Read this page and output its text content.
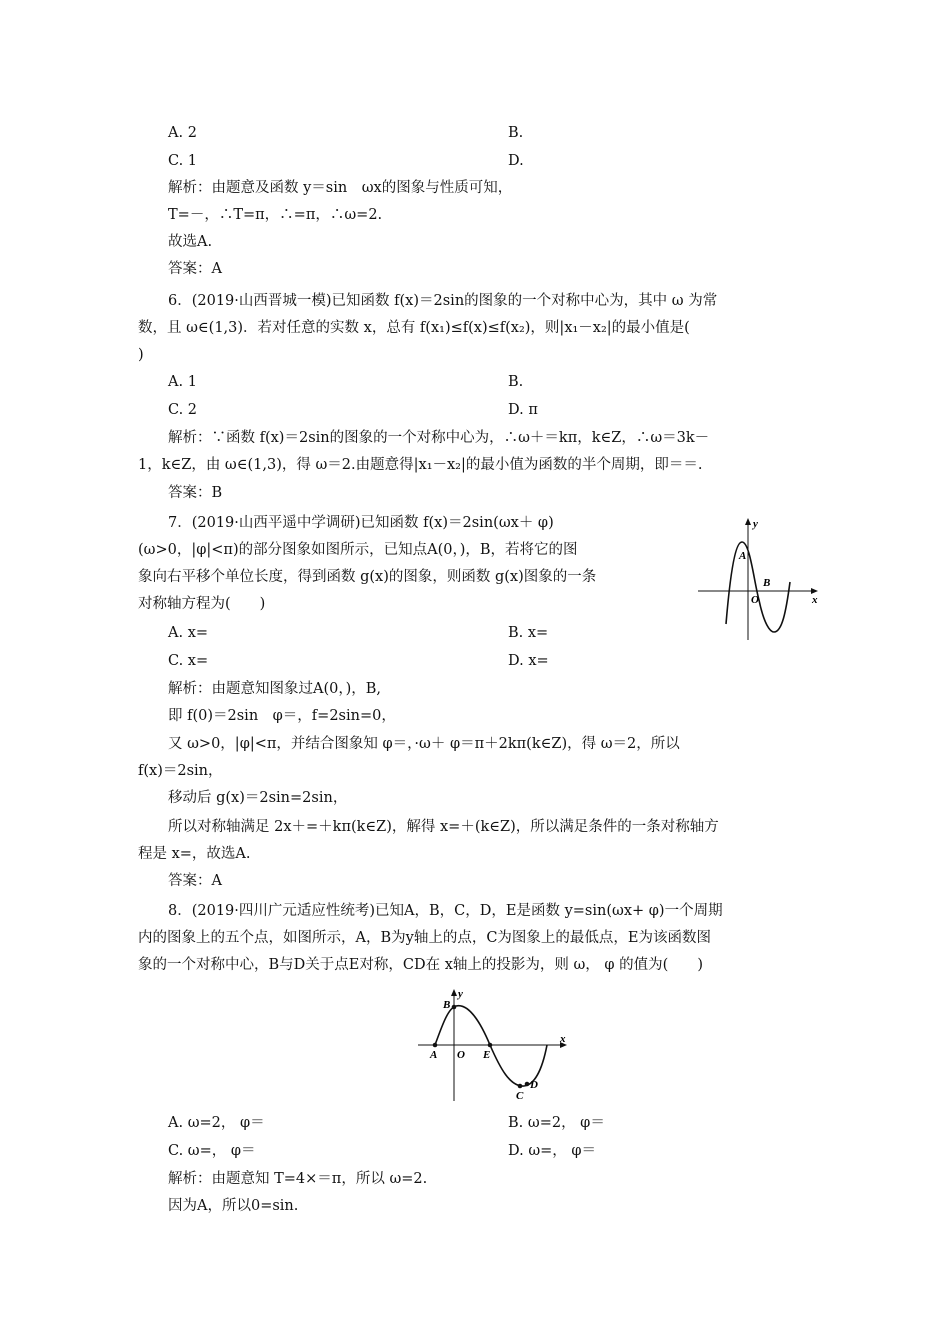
A. 2	B.
C. 1	D.
解析：由题意及函数 y＝sin　ωx的图象与性质可知，
T=－，∴T=π，∴=π，∴ω=2.
故选A.
答案：A
6．(2019·山西晋城一模)已知函数 f(x)＝2sin的图象的一个对称中心为，其中 ω 为常
数，且 ω∈(1,3)．若对任意的实数 x，总有 f(x₁)≤f(x)≤f(x₂)，则|x₁－x₂|的最小值是(
)
A. 1	B.
C. 2	D. π
解析：∵函数 f(x)＝2sin的图象的一个对称中心为，∴ω＋＝kπ，k∈Z，∴ω＝3k－
1，k∈Z，由 ω∈(1,3)，得 ω＝2.由题意得|x₁－x₂|的最小值为函数的半个周期，即＝＝.
答案：B
7．(2019·山西平遥中学调研)已知函数 f(x)＝2sin(ωx＋ φ)
(ω>0，|φ|<π)的部分图象如图所示，已知点A(0，)，B，若将它的图
象向右平移个单位长度，得到函数 g(x)的图象，则函数 g(x)图象的一条
对称轴方程为(　　)
y
x
A
B
O
A. x=	B. x=
C. x=	D. x=
解析：由题意知图象过A(0，)，B,
即 f(0)＝2sin　φ＝，f=2sin=0，
又 ω>0，|φ|<π，并结合图象知 φ＝，·ω＋ φ＝π＋2kπ(k∈Z)，得 ω＝2，所以
f(x)＝2sin，
移动后 g(x)＝2sin=2sin，
所以对称轴满足 2x＋=＋kπ(k∈Z)，解得 x=＋(k∈Z)，所以满足条件的一条对称轴方
程是 x=，故选A.
答案：A
8．(2019·四川广元适应性统考)已知A，B，C，D，E是函数 y=sin(ωx+ φ)一个周期
内的图象上的五个点，如图所示，A，B为y轴上的点，C为图象上的最低点，E为该函数图
象的一个对称中心，B与D关于点E对称，CD在 x轴上的投影为，则 ω， φ 的值为(　　)
y
x
A
B
O E
C
D
A. ω=2， φ＝	B. ω=2， φ＝
C. ω=， φ＝	D. ω=， φ＝
解析：由题意知 T=4×＝π，所以 ω=2.
因为A，所以0=sin.
